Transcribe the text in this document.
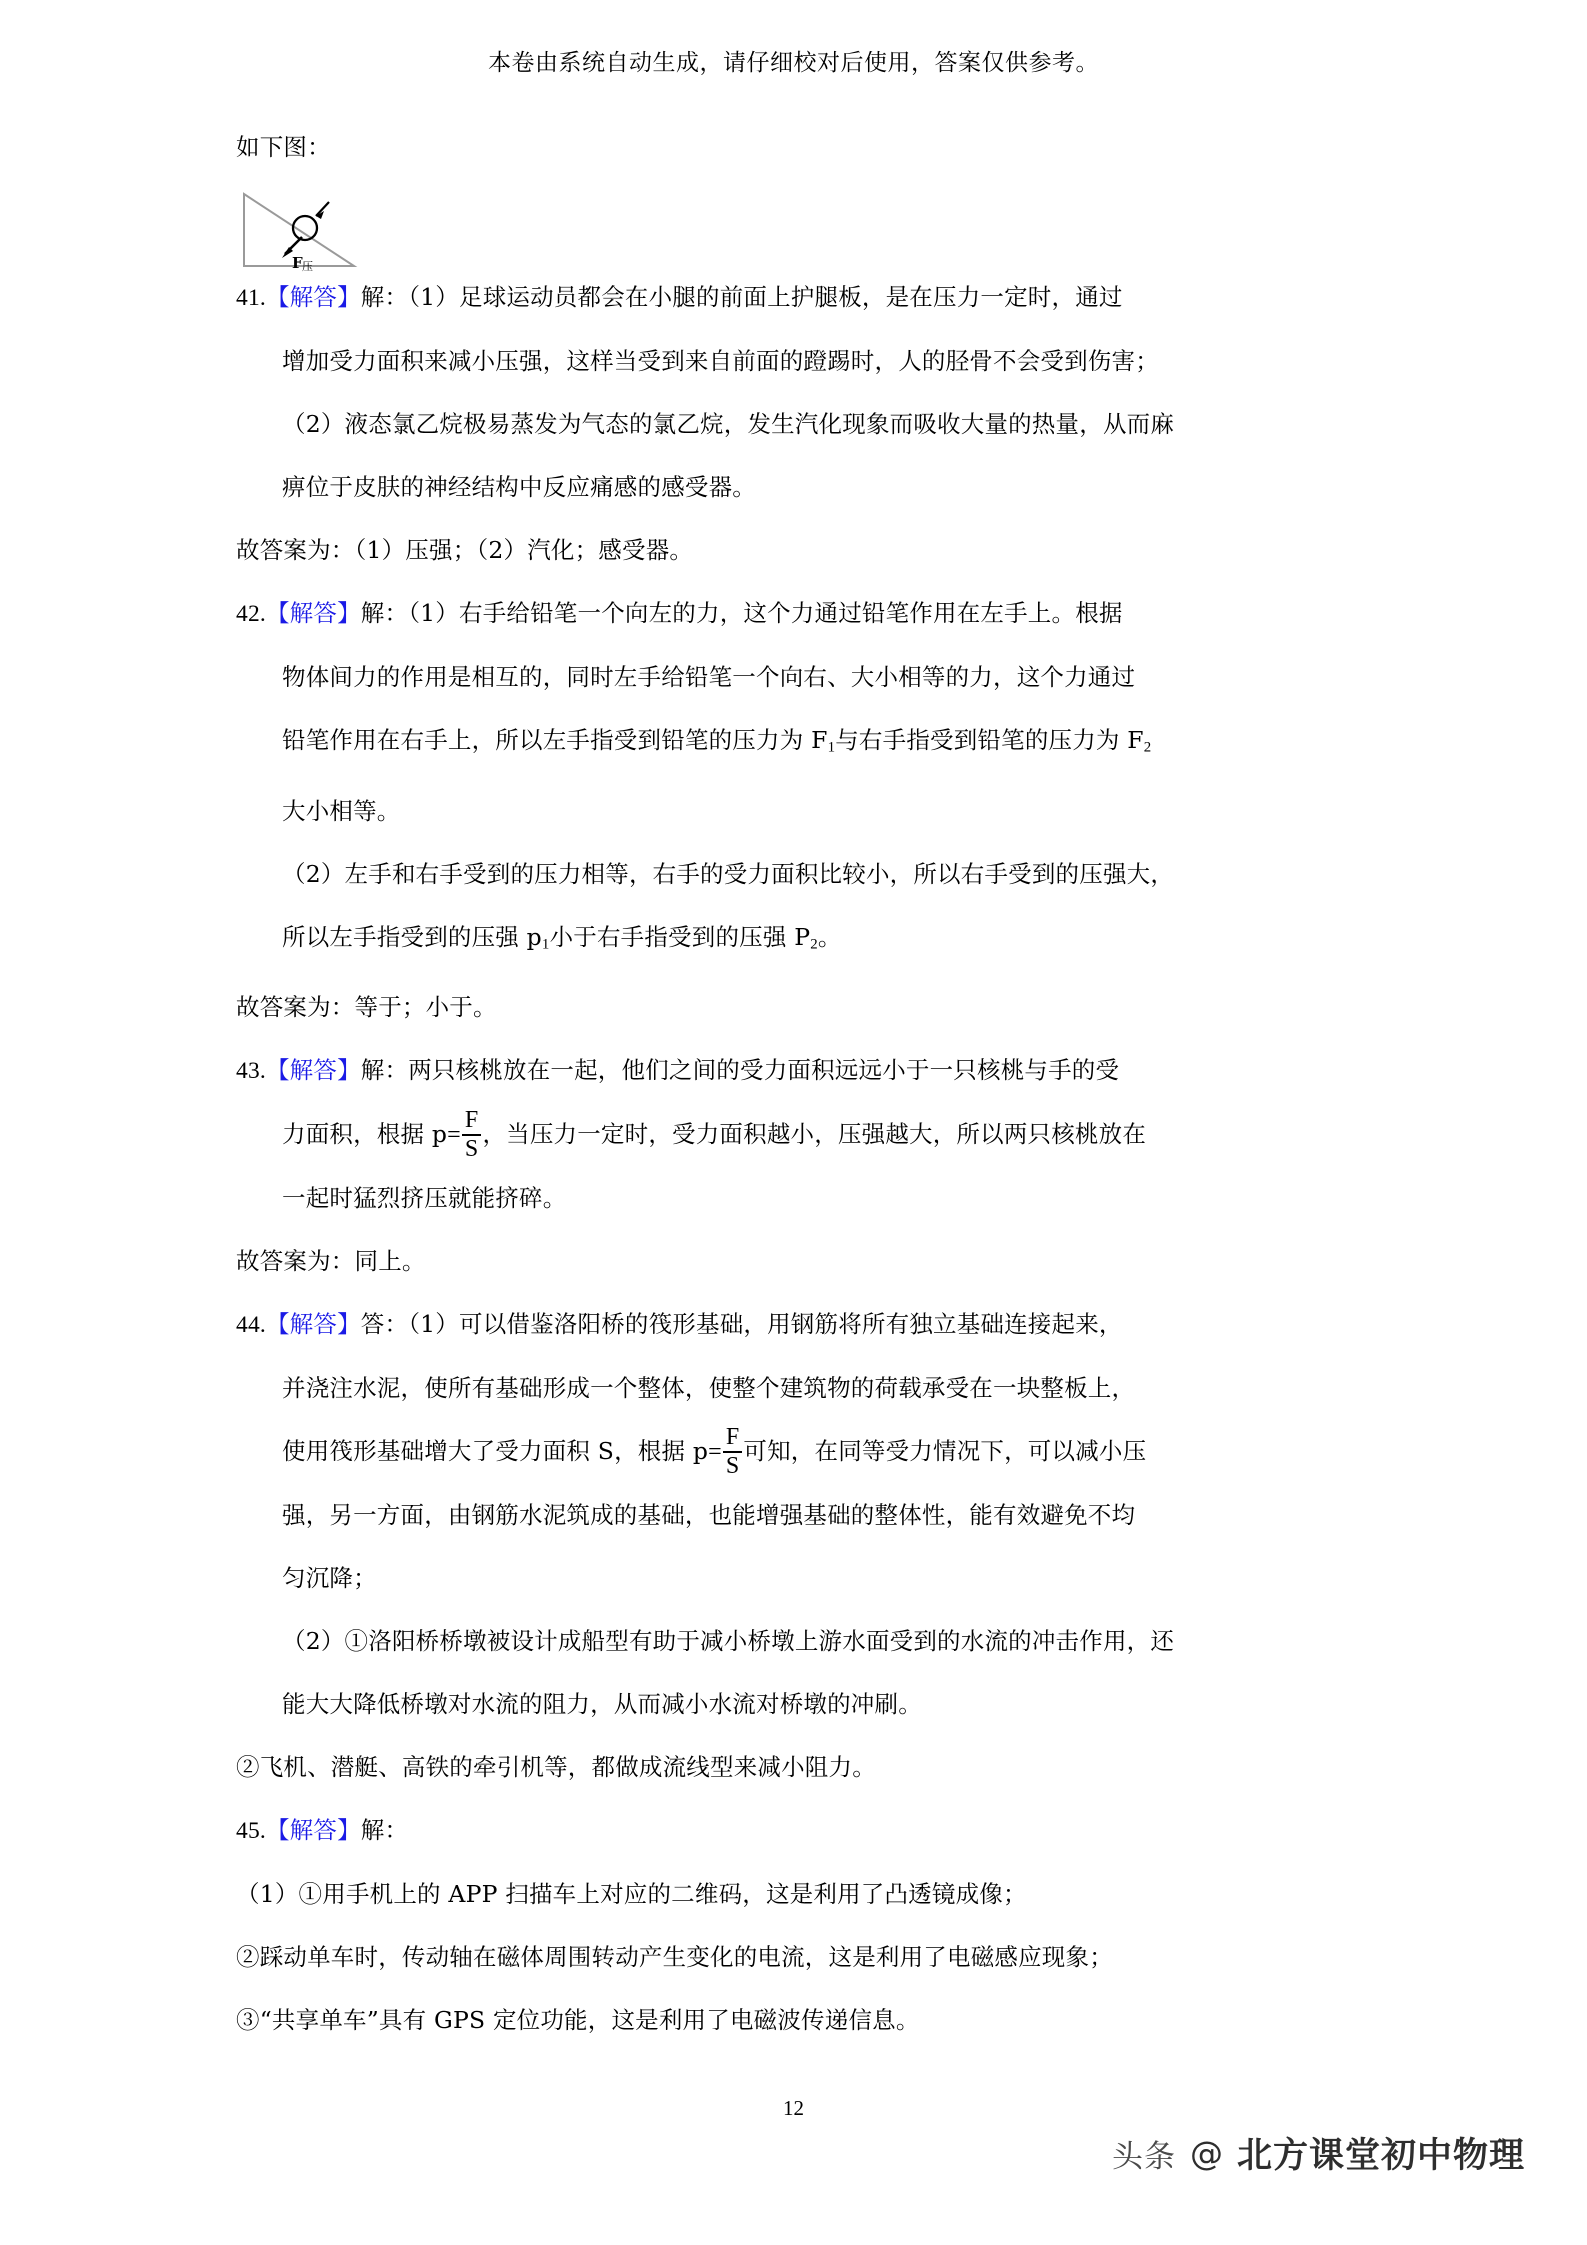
本卷由系统自动生成，请仔细校对后使用，答案仅供参考。

如下图：

41.【解答】解：（1）足球运动员都会在小腿的前面上护腿板，是在压力一定时，通过

增加受力面积来减小压强，这样当受到来自前面的蹬踢时，人的胫骨不会受到伤害；

（2）液态氯乙烷极易蒸发为气态的氯乙烷，发生汽化现象而吸收大量的热量，从而麻

痹位于皮肤的神经结构中反应痛感的感受器。

故答案为：（1）压强；（2）汽化；感受器。

42.【解答】解：（1）右手给铅笔一个向左的力，这个力通过铅笔作用在左手上。根据

物体间力的作用是相互的，同时左手给铅笔一个向右、大小相等的力，这个力通过

铅笔作用在右手上，所以左手指受到铅笔的压力为 $F_1$与右手指受到铅笔的压力为 $F_2$

大小相等。

（2）左手和右手受到的压力相等，右手的受力面积比较小，所以右手受到的压强大，

所以左手指受到的压强 $p_1$小于右手指受到的压强 $P_2$。

故答案为：等于；小于。

43.【解答】解：两只核桃放在一起，他们之间的受力面积远远小于一只核桃与手的受

力面积，根据 $p= \frac{F}{S}$ ，当压力一定时，受力面积越小，压强越大，所以两只核桃放在

一起时猛烈挤压就能挤碎。

故答案为：同上。

44.【解答】答：（1）可以借鉴洛阳桥的筏形基础，用钢筋将所有独立基础连接起来，

并浇注水泥，使所有基础形成一个整体，使整个建筑物的荷载承受在一块整板上，

使用筏形基础增大了受力面积 S，根据 $p= \frac{F}{S}$ 可知，在同等受力情况下，可以减小压

强，另一方面，由钢筋水泥筑成的基础，也能增强基础的整体性，能有效避免不均

匀沉降；

（2）①洛阳桥桥墩被设计成船型有助于减小桥墩上游水面受到的水流的冲击作用，还

能大大降低桥墩对水流的阻力，从而减小水流对桥墩的冲刷。

②飞机、潜艇、高铁的牵引机等，都做成流线型来减小阻力。

45.【解答】解：

（1）①用手机上的 APP 扫描车上对应的二维码，这是利用了凸透镜成像；

②踩动单车时，传动轴在磁体周围转动产生变化的电流，这是利用了电磁感应现象；

③“共享单车”具有 GPS 定位功能，这是利用了电磁波传递信息。

F 压
12
头条 @ 北方课堂初中物理
